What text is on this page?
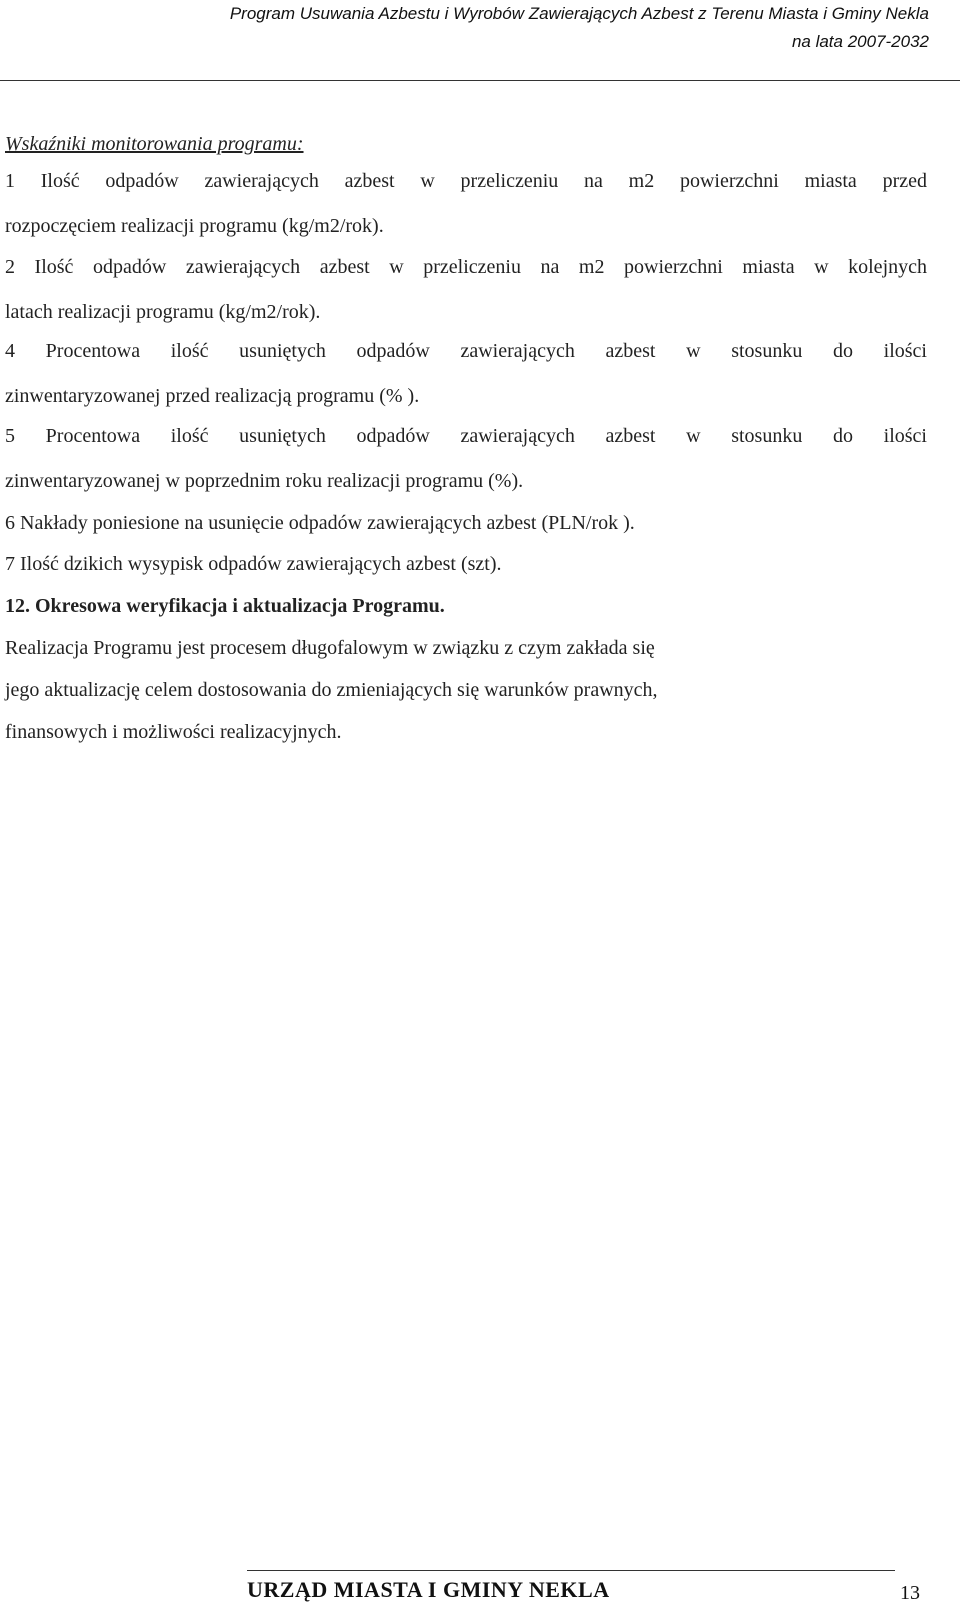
Program Usuwania Azbestu i Wyrobów Zawierających Azbest z Terenu Miasta i Gminy Nekla
na lata 2007-2032
Wskaźniki monitorowania programu:
1 Ilość odpadów zawierających azbest w przeliczeniu na m2 powierzchni miasta przed
rozpoczęciem realizacji programu (kg/m2/rok).
2 Ilość odpadów zawierających azbest w przeliczeniu na m2 powierzchni miasta w kolejnych
latach realizacji programu (kg/m2/rok).
4 Procentowa ilość usuniętych odpadów zawierających azbest w stosunku do ilości
zinwentaryzowanej przed realizacją programu (% ).
5 Procentowa ilość usuniętych odpadów zawierających azbest w stosunku do ilości
zinwentaryzowanej w poprzednim roku realizacji programu (%).
6 Nakłady poniesione na usunięcie odpadów zawierających azbest (PLN/rok ).
7 Ilość dzikich wysypisk odpadów zawierających azbest (szt).
12. Okresowa weryfikacja i aktualizacja Programu.
Realizacja Programu jest procesem długofalowym w związku z czym zakłada się
jego aktualizację celem dostosowania do zmieniających się warunków prawnych,
finansowych i możliwości realizacyjnych.
URZĄD MIASTA I GMINY NEKLA	13
